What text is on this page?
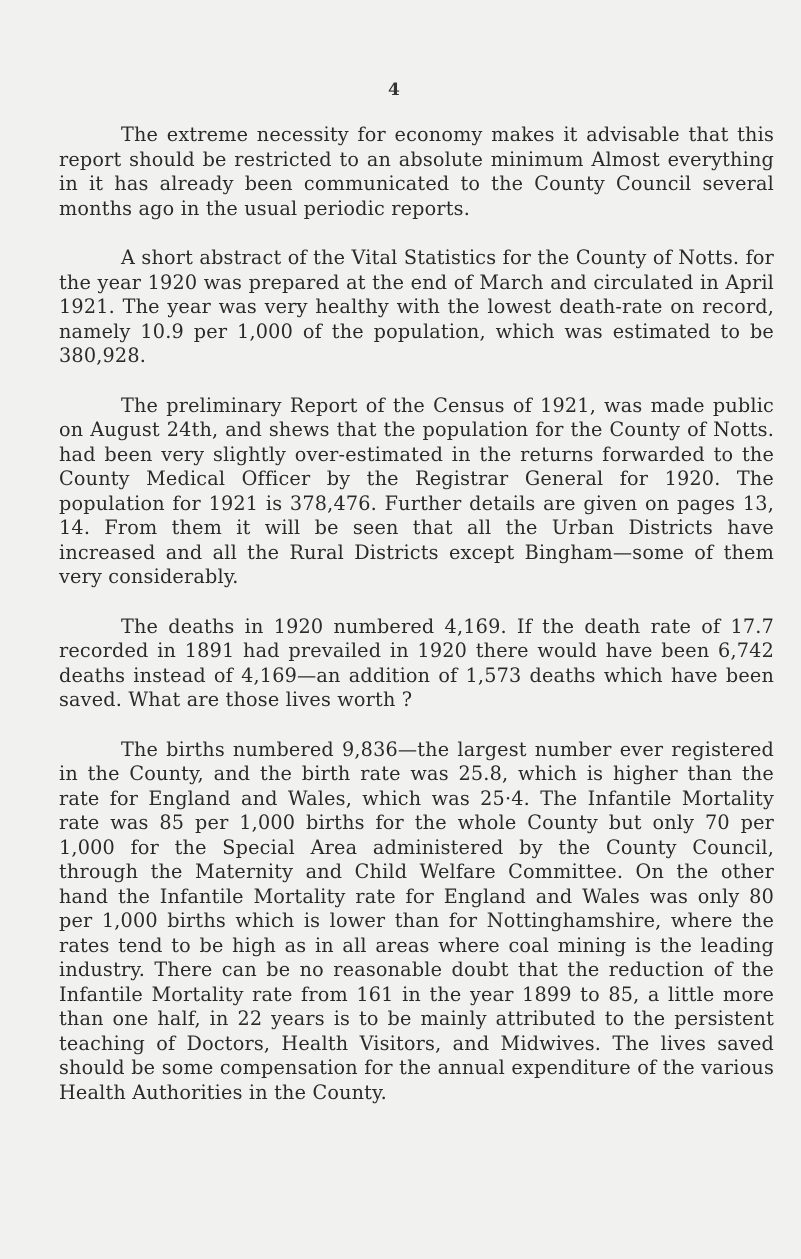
4

The extreme necessity for economy makes it advisable that this report should be restricted to an absolute minimum Almost everything in it has already been communicated to the County Council several months ago in the usual periodic reports.

A short abstract of the Vital Statistics for the County of Notts. for the year 1920 was prepared at the end of March and circulated in April 1921. The year was very healthy with the lowest death-rate on record, namely 10.9 per 1,000 of the population, which was estimated to be 380,928.

The preliminary Report of the Census of 1921, was made public on August 24th, and shews that the population for the County of Notts. had been very slightly over-estimated in the returns forwarded to the County Medical Officer by the Registrar General for 1920. The population for 1921 is 378,476. Further details are given on pages 13, 14. From them it will be seen that all the Urban Districts have increased and all the Rural Districts except Bingham—some of them very considerably.

The deaths in 1920 numbered 4,169. If the death rate of 17.7 recorded in 1891 had prevailed in 1920 there would have been 6,742 deaths instead of 4,169—an addition of 1,573 deaths which have been saved. What are those lives worth ?

The births numbered 9,836—the largest number ever registered in the County, and the birth rate was 25.8, which is higher than the rate for England and Wales, which was 25·4. The Infantile Mortality rate was 85 per 1,000 births for the whole County but only 70 per 1,000 for the Special Area administered by the County Council, through the Maternity and Child Welfare Committee. On the other hand the Infantile Mortality rate for England and Wales was only 80 per 1,000 births which is lower than for Nottinghamshire, where the rates tend to be high as in all areas where coal mining is the leading industry. There can be no reasonable doubt that the reduction of the Infantile Mortality rate from 161 in the year 1899 to 85, a little more than one half, in 22 years is to be mainly attributed to the persistent teaching of Doctors, Health Visitors, and Midwives. The lives saved should be some compensation for the annual expenditure of the various Health Authorities in the County.
